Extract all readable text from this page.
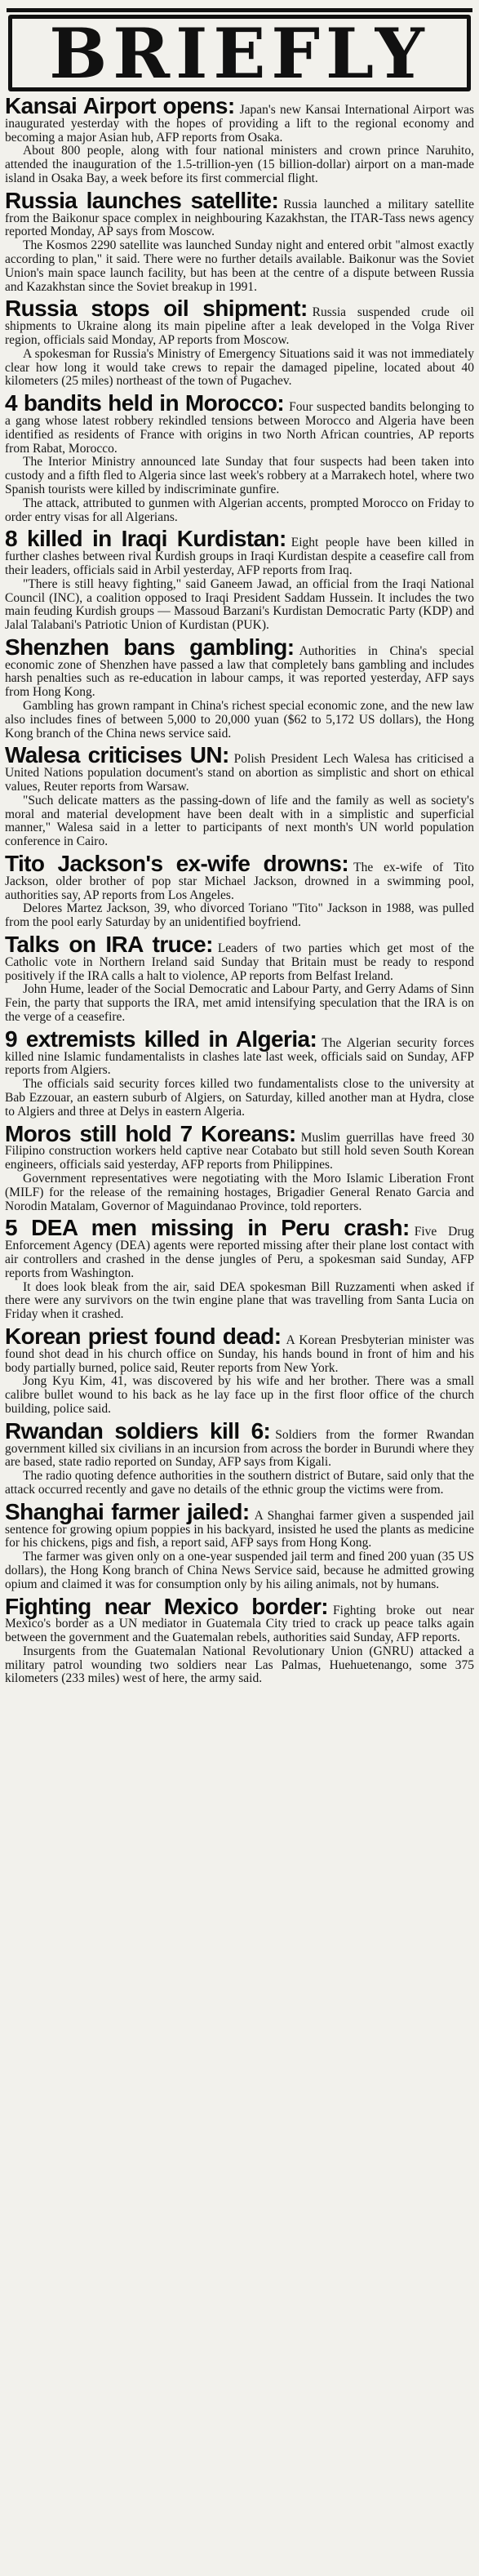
BRIEFLY

Kansai Airport opens: Japan's new Kansai International Airport was inaugurated yesterday with the hopes of providing a lift to the regional economy and becoming a major Asian hub, AFP reports from Osaka.

About 800 people, along with four national ministers and crown prince Naruhito, attended the inauguration of the 1.5-trillion-yen (15 billion-dollar) airport on a man-made island in Osaka Bay, a week before its first commercial flight.

Russia launches satellite: Russia launched a military satellite from the Baikonur space complex in neighbouring Kazakhstan, the ITAR-Tass news agency reported Monday, AP says from Moscow.

The Kosmos 2290 satellite was launched Sunday night and entered orbit "almost exactly according to plan," it said. There were no further details available. Baikonur was the Soviet Union's main space launch facility, but has been at the centre of a dispute between Russia and Kazakhstan since the Soviet breakup in 1991.

Russia stops oil shipment: Russia suspended crude oil shipments to Ukraine along its main pipeline after a leak developed in the Volga River region, officials said Monday, AP reports from Moscow.

A spokesman for Russia's Ministry of Emergency Situations said it was not immediately clear how long it would take crews to repair the damaged pipeline, located about 40 kilometers (25 miles) northeast of the town of Pugachev.

4 bandits held in Morocco: Four suspected bandits belonging to a gang whose latest robbery rekindled tensions between Morocco and Algeria have been identified as residents of France with origins in two North African countries, AP reports from Rabat, Morocco.

The Interior Ministry announced late Sunday that four suspects had been taken into custody and a fifth fled to Algeria since last week's robbery at a Marrakech hotel, where two Spanish tourists were killed by indiscriminate gunfire.

The attack, attributed to gunmen with Algerian accents, prompted Morocco on Friday to order entry visas for all Algerians.

8 killed in Iraqi Kurdistan: Eight people have been killed in further clashes between rival Kurdish groups in Iraqi Kurdistan despite a ceasefire call from their leaders, officials said in Arbil yesterday, AFP reports from Iraq.

"There is still heavy fighting," said Ganeem Jawad, an official from the Iraqi National Council (INC), a coalition opposed to Iraqi President Saddam Hussein. It includes the two main feuding Kurdish groups — Massoud Barzani's Kurdistan Democratic Party (KDP) and Jalal Talabani's Patriotic Union of Kurdistan (PUK).

Shenzhen bans gambling: Authorities in China's special economic zone of Shenzhen have passed a law that completely bans gambling and includes harsh penalties such as re-education in labour camps, it was reported yesterday, AFP says from Hong Kong.

Gambling has grown rampant in China's richest special economic zone, and the new law also includes fines of between 5,000 to 20,000 yuan ($62 to 5,172 US dollars), the Hong Kong branch of the China news service said.

Walesa criticises UN: Polish President Lech Walesa has criticised a United Nations population document's stand on abortion as simplistic and short on ethical values, Reuter reports from Warsaw.

"Such delicate matters as the passing-down of life and the family as well as society's moral and material development have been dealt with in a simplistic and superficial manner," Walesa said in a letter to participants of next month's UN world population conference in Cairo.

Tito Jackson's ex-wife drowns: The ex-wife of Tito Jackson, older brother of pop star Michael Jackson, drowned in a swimming pool, authorities say, AP reports from Los Angeles.

Delores Martez Jackson, 39, who divorced Toriano "Tito" Jackson in 1988, was pulled from the pool early Saturday by an unidentified boyfriend.

Talks on IRA truce: Leaders of two parties which get most of the Catholic vote in Northern Ireland said Sunday that Britain must be ready to respond positively if the IRA calls a halt to violence, AP reports from Belfast Ireland.

John Hume, leader of the Social Democratic and Labour Party, and Gerry Adams of Sinn Fein, the party that supports the IRA, met amid intensifying speculation that the IRA is on the verge of a ceasefire.

9 extremists killed in Algeria: The Algerian security forces killed nine Islamic fundamentalists in clashes late last week, officials said on Sunday, AFP reports from Algiers.

The officials said security forces killed two fundamentalists close to the university at Bab Ezzouar, an eastern suburb of Algiers, on Saturday, killed another man at Hydra, close to Algiers and three at Delys in eastern Algeria.

Moros still hold 7 Koreans: Muslim guerrillas have freed 30 Filipino construction workers held captive near Cotabato but still hold seven South Korean engineers, officials said yesterday, AFP reports from Philippines.

Government representatives were negotiating with the Moro Islamic Liberation Front (MILF) for the release of the remaining hostages, Brigadier General Renato Garcia and Norodin Matalam, Governor of Maguindanao Province, told reporters.

5 DEA men missing in Peru crash: Five Drug Enforcement Agency (DEA) agents were reported missing after their plane lost contact with air controllers and crashed in the dense jungles of Peru, a spokesman said Sunday, AFP reports from Washington.

It does look bleak from the air, said DEA spokesman Bill Ruzzamenti when asked if there were any survivors on the twin engine plane that was travelling from Santa Lucia on Friday when it crashed.

Korean priest found dead: A Korean Presbyterian minister was found shot dead in his church office on Sunday, his hands bound in front of him and his body partially burned, police said, Reuter reports from New York.

Jong Kyu Kim, 41, was discovered by his wife and her brother. There was a small calibre bullet wound to his back as he lay face up in the first floor office of the church building, police said.

Rwandan soldiers kill 6: Soldiers from the former Rwandan government killed six civilians in an incursion from across the border in Burundi where they are based, state radio reported on Sunday, AFP says from Kigali.

The radio quoting defence authorities in the southern district of Butare, said only that the attack occurred recently and gave no details of the ethnic group the victims were from.

Shanghai farmer jailed: A Shanghai farmer given a suspended jail sentence for growing opium poppies in his backyard, insisted he used the plants as medicine for his chickens, pigs and fish, a report said, AFP says from Hong Kong.

The farmer was given only on a one-year suspended jail term and fined 200 yuan (35 US dollars), the Hong Kong branch of China News Service said, because he admitted growing opium and claimed it was for consumption only by his ailing animals, not by humans.

Fighting near Mexico border: Fighting broke out near Mexico's border as a UN mediator in Guatemala City tried to crack up peace talks again between the government and the Guatemalan rebels, authorities said Sunday, AFP reports.

Insurgents from the Guatemalan National Revolutionary Union (GNRU) attacked a military patrol wounding two soldiers near Las Palmas, Huehuetenango, some 375 kilometers (233 miles) west of here, the army said.
